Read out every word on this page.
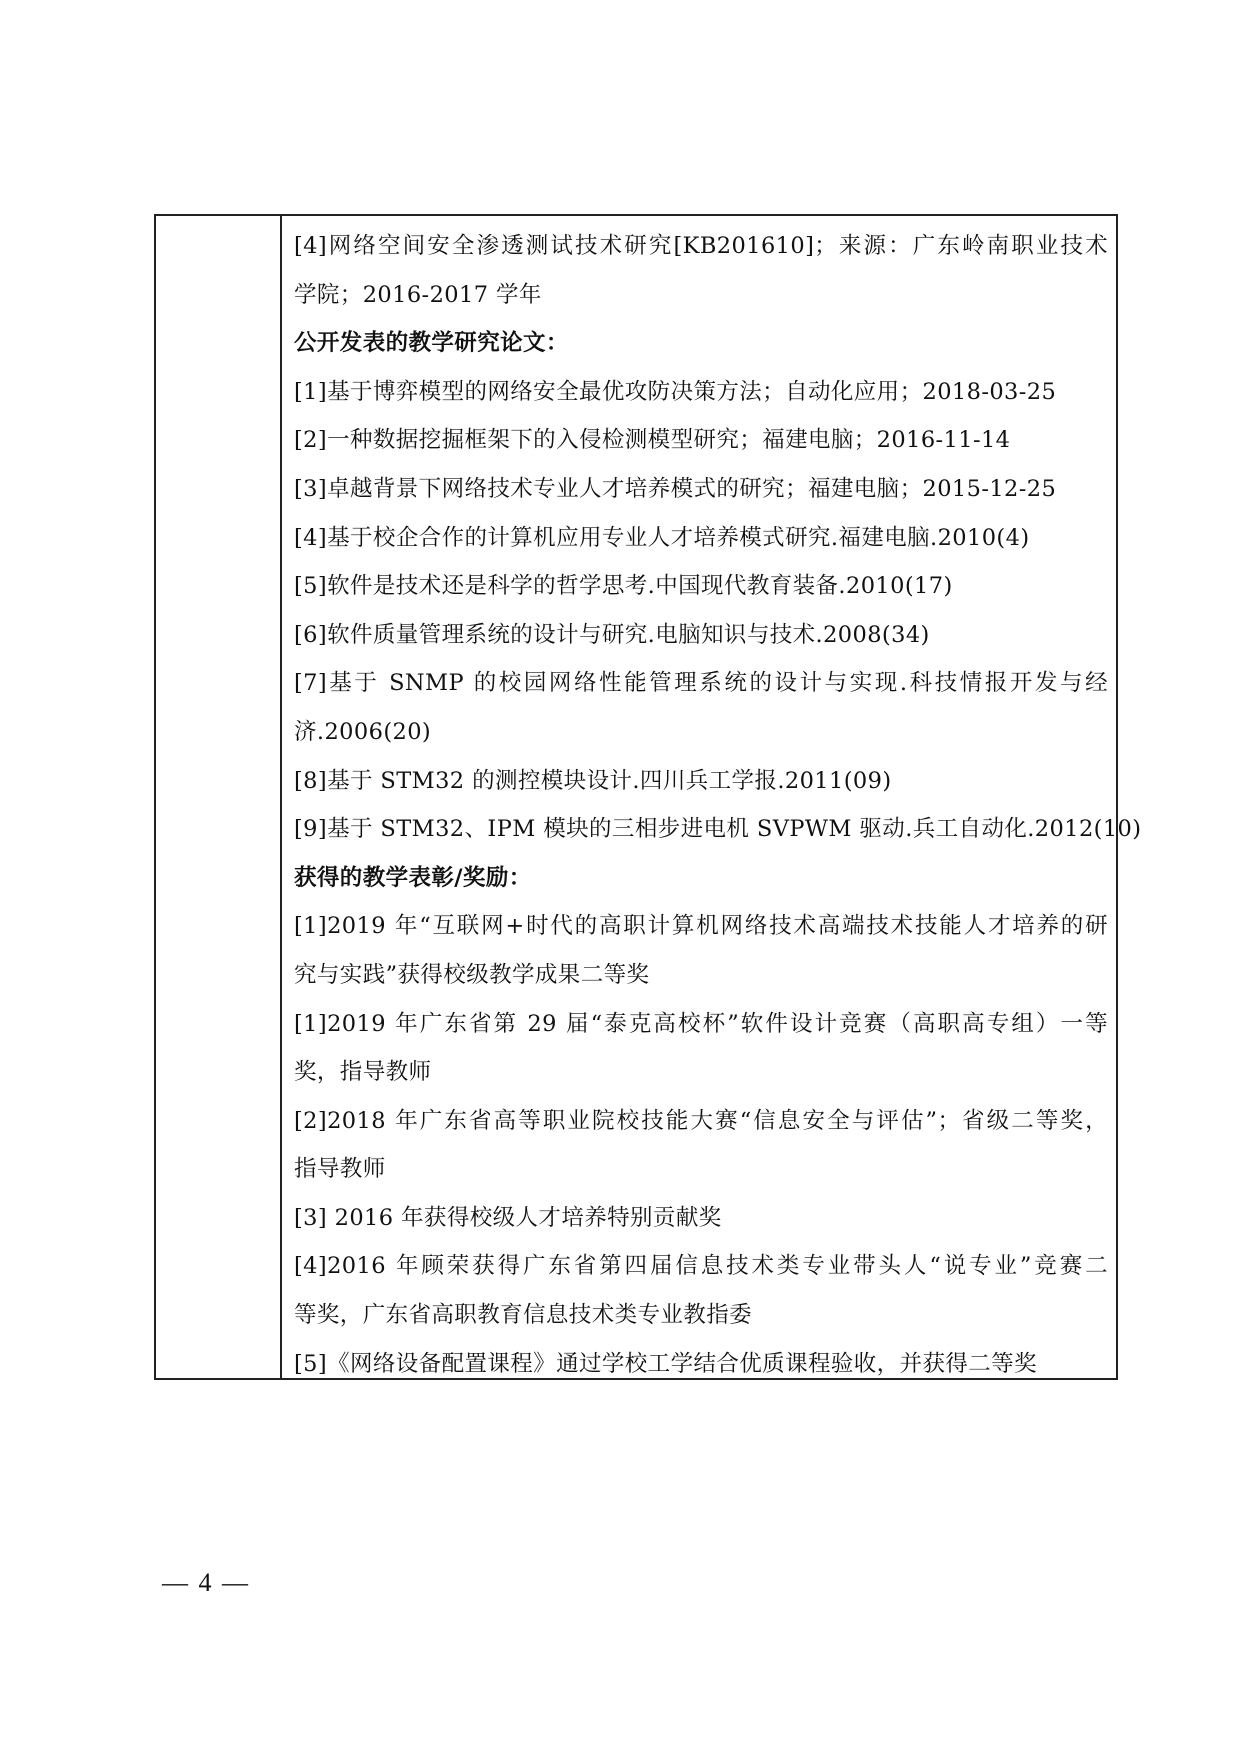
[4]网络空间安全渗透测试技术研究[KB201610]；来源：广东岭南职业技术
学院；2016-2017 学年
公开发表的教学研究论文：
[1]基于博弈模型的网络安全最优攻防决策方法；自动化应用；2018-03-25
[2]一种数据挖掘框架下的入侵检测模型研究；福建电脑；2016-11-14
[3]卓越背景下网络技术专业人才培养模式的研究；福建电脑；2015-12-25
[4]基于校企合作的计算机应用专业人才培养模式研究.福建电脑.2010(4)
[5]软件是技术还是科学的哲学思考.中国现代教育装备.2010(17)
[6]软件质量管理系统的设计与研究.电脑知识与技术.2008(34)
[7]基于 SNMP 的校园网络性能管理系统的设计与实现.科技情报开发与经
济.2006(20)
[8]基于 STM32 的测控模块设计.四川兵工学报.2011(09)
[9]基于 STM32、IPM 模块的三相步进电机 SVPWM 驱动.兵工自动化.2012(10)
获得的教学表彰/奖励：
[1]2019 年“互联网+时代的高职计算机网络技术高端技术技能人才培养的研
究与实践”获得校级教学成果二等奖
[1]2019 年广东省第 29 届“泰克高校杯”软件设计竞赛（高职高专组）一等
奖，指导教师
[2]2018 年广东省高等职业院校技能大赛“信息安全与评估”；省级二等奖，
指导教师
[3] 2016 年获得校级人才培养特别贡献奖
[4]2016 年顾荣获得广东省第四届信息技术类专业带头人“说专业”竞赛二
等奖，广东省高职教育信息技术类专业教指委
[5]《网络设备配置课程》通过学校工学结合优质课程验收，并获得二等奖
— 4 —
